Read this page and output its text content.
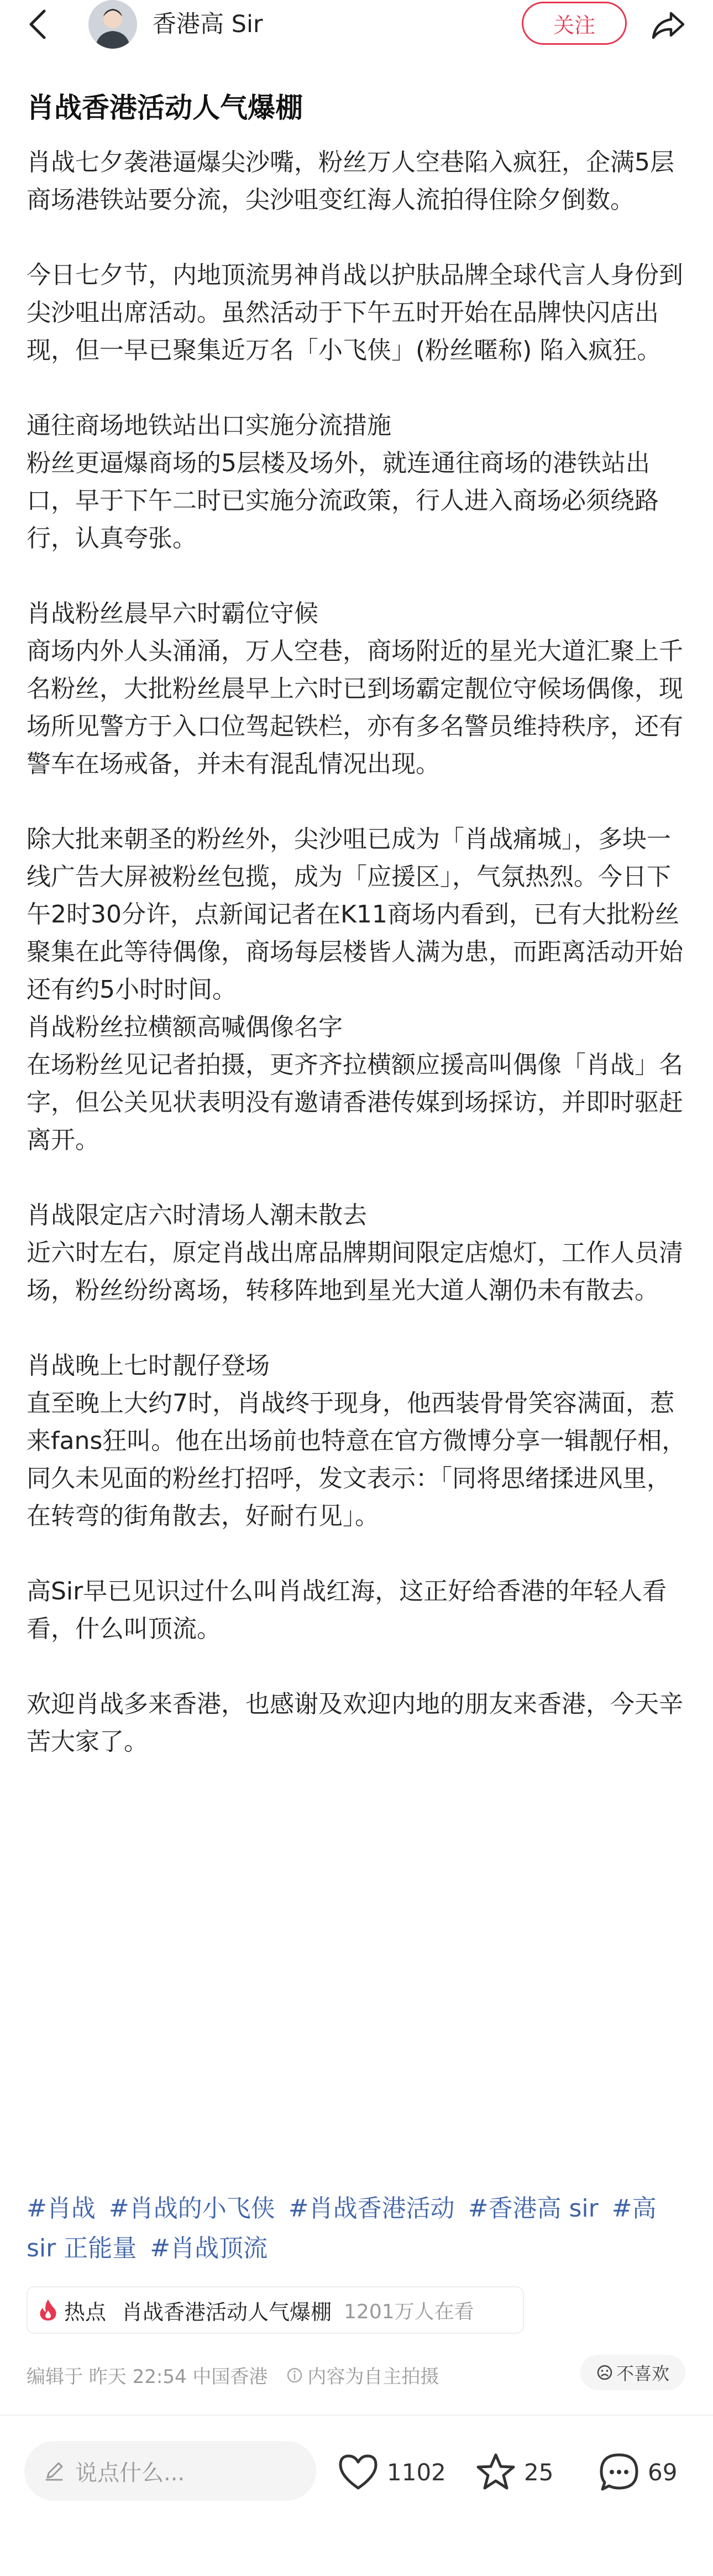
香港高 Sir	关注
肖战香港活动人气爆棚

肖战七夕袭港逼爆尖沙嘴，粉丝万人空巷陷入疯狂，企满5层商场港铁站要分流，尖沙咀变红海人流拍得住除夕倒数。

今日七夕节，内地顶流男神肖战以护肤品牌全球代言人身份到尖沙咀出席活动。虽然活动于下午五时开始在品牌快闪店出现，但一早已聚集近万名「小飞侠」(粉丝暱称) 陷入疯狂。

通往商场地铁站出口实施分流措施
粉丝更逼爆商场的5层楼及场外，就连通往商场的港铁站出口，早于下午二时已实施分流政策，行人进入商场必须绕路行，认真夸张。

肖战粉丝晨早六时霸位守候
商场内外人头涌涌，万人空巷，商场附近的星光大道汇聚上千名粉丝，大批粉丝晨早上六时已到场霸定靓位守候场偶像，现场所见警方于入口位驾起铁栏，亦有多名警员维持秩序，还有警车在场戒备，并未有混乱情况出现。

除大批来朝圣的粉丝外，尖沙咀已成为「肖战痛城」，多块一线广告大屏被粉丝包揽，成为「应援区」，气氛热烈。今日下午2时30分许，点新闻记者在K11商场内看到，已有大批粉丝聚集在此等待偶像，商场每层楼皆人满为患，而距离活动开始还有约5小时时间。
肖战粉丝拉横额高喊偶像名字
在场粉丝见记者拍摄，更齐齐拉横额应援高叫偶像「肖战」名字，但公关见状表明没有邀请香港传媒到场採访，并即时驱赶离开。

肖战限定店六时清场人潮未散去
近六时左右，原定肖战出席品牌期间限定店熄灯，工作人员清场，粉丝纷纷离场，转移阵地到星光大道人潮仍未有散去。

肖战晚上七时靓仔登场
直至晚上大约7时，肖战终于现身，他西装骨骨笑容满面，惹来fans狂叫。他在出场前也特意在官方微博分享一辑靓仔相，同久未见面的粉丝打招呼，发文表示：「同将思绪揉进风里，在转弯的街角散去，好耐冇见」。

高Sir早已见识过什么叫肖战红海，这正好给香港的年轻人看看，什么叫顶流。

欢迎肖战多来香港，也感谢及欢迎内地的朋友来香港，今天辛苦大家了。

#肖战 #肖战的小飞侠 #肖战香港活动 #香港高 sir #高 sir 正能量 #肖战顶流
热点 肖战香港活动人气爆棚 1201万人在看
编辑于 昨天 22:54 中国香港 内容为自主拍摄	不喜欢
说点什么...	1102	25	69
